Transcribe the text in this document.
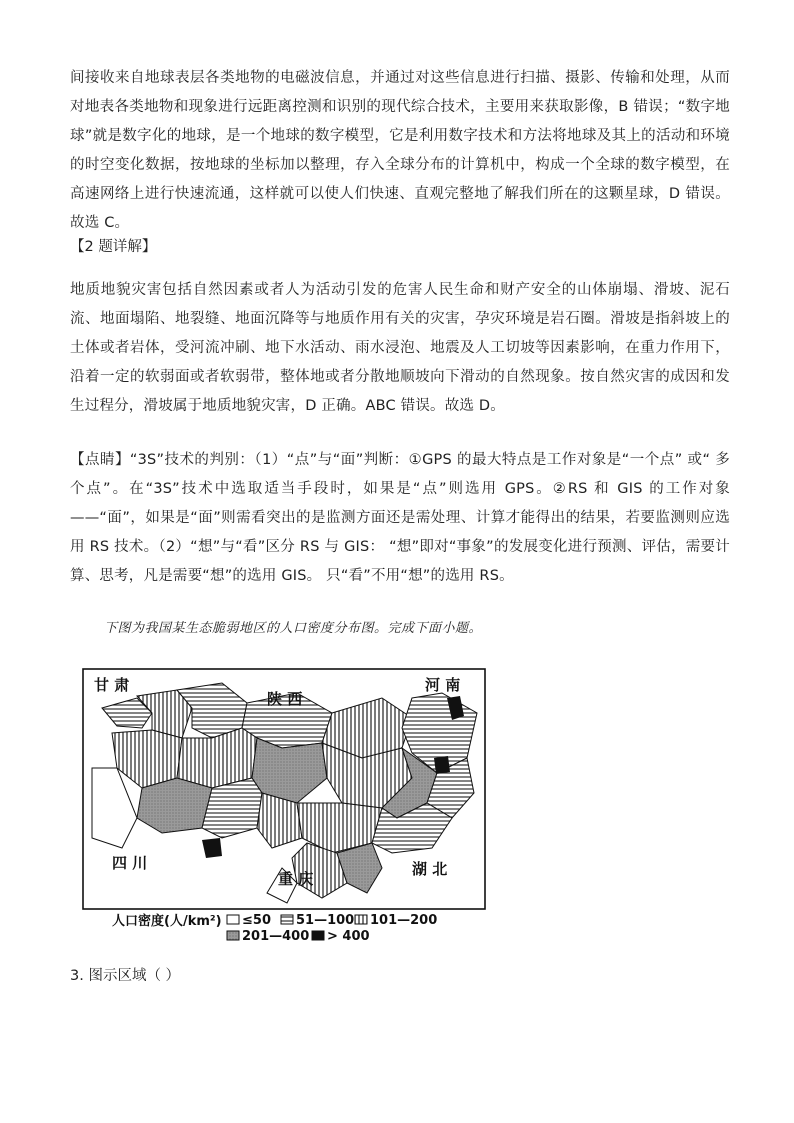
间接收来自地球表层各类地物的电磁波信息，并通过对这些信息进行扫描、摄影、传输和处理，从而对地表各类地物和现象进行远距离控测和识别的现代综合技术，主要用来获取影像，B 错误；“数字地球”就是数字化的地球，是一个地球的数字模型，它是利用数字技术和方法将地球及其上的活动和环境的时空变化数据，按地球的坐标加以整理，存入全球分布的计算机中，构成一个全球的数字模型，在高速网络上进行快速流通，这样就可以使人们快速、直观完整地了解我们所在的这颗星球，D 错误。故选 C。

【2 题详解】

地质地貌灾害包括自然因素或者人为活动引发的危害人民生命和财产安全的山体崩塌、滑坡、泥石流、地面塌陷、地裂缝、地面沉降等与地质作用有关的灾害，孕灾环境是岩石圈。滑坡是指斜坡上的土体或者岩体，受河流冲刷、地下水活动、雨水浸泡、地震及人工切坡等因素影响，在重力作用下，沿着一定的软弱面或者软弱带，整体地或者分散地顺坡向下滑动的自然现象。按自然灾害的成因和发生过程分，滑坡属于地质地貌灾害，D 正确。ABC 错误。故选 D。

【点睛】“3S”技术的判别：（1）“点”与“面”判断：①GPS 的最大特点是工作对象是“一个点” 或“ 多个点”。在“3S”技术中选取适当手段时，如果是“点”则选用 GPS。②RS 和 GIS 的工作对象——“面”，如果是“面”则需看突出的是监测方面还是需处理、计算才能得出的结果，若要监测则应选用 RS 技术。（2）“想”与“看”区分 RS 与 GIS： “想”即对“事象”的发展变化进行预测、评估，需要计算、思考，凡是需要“想”的选用 GIS。 只“看”不用“想”的选用 RS。

下图为我国某生态脆弱地区的人口密度分布图。完成下面小题。
甘 肃
陕 西
河 南
四 川
重 庆
湖 北
人口密度(人/km²) ≤50 51—100 101—200
201—400 > 400
3. 图示区域（ ）
